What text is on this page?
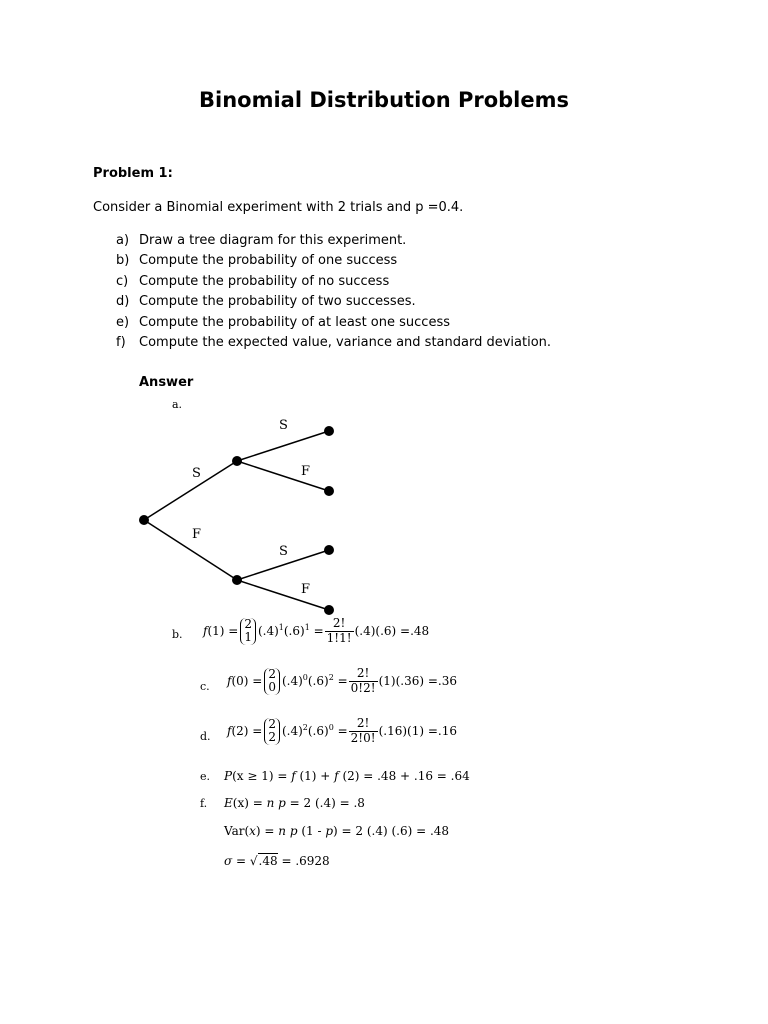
Binomial Distribution Problems
Problem 1:
Consider a Binomial experiment with 2 trials and p =0.4.
a) Draw a tree diagram for this experiment.
b) Compute the probability of one success
c) Compute the probability of no success
d) Compute the probability of two successes.
e) Compute the probability of at least one success
f) Compute the expected value, variance and standard deviation.
Answer
a.
S
F
S
F
S
F
b. f(1) =
2
1 $(.4)^1(.6)^1 = \frac{2!}{1!1!} (.4)(.6) =.48$
c. f(0) =
2
0 $(.4)^0(.6)^2 = \frac{2!}{0!2!} (1)(.36) =.36$
d. f(2) =
2
2 $(.4)^2(.6)^0 = \frac{2!}{2!0!} (.16)(1) =.16$
e. P(x ≥ 1) = f (1) + f (2) = .48 + .16 = .64
f. E(x) = n p = 2 (.4) = .8
Var(x) = n p (1 - p) = 2 (.4) (.6) = .48
σ = √.48 = .6928
